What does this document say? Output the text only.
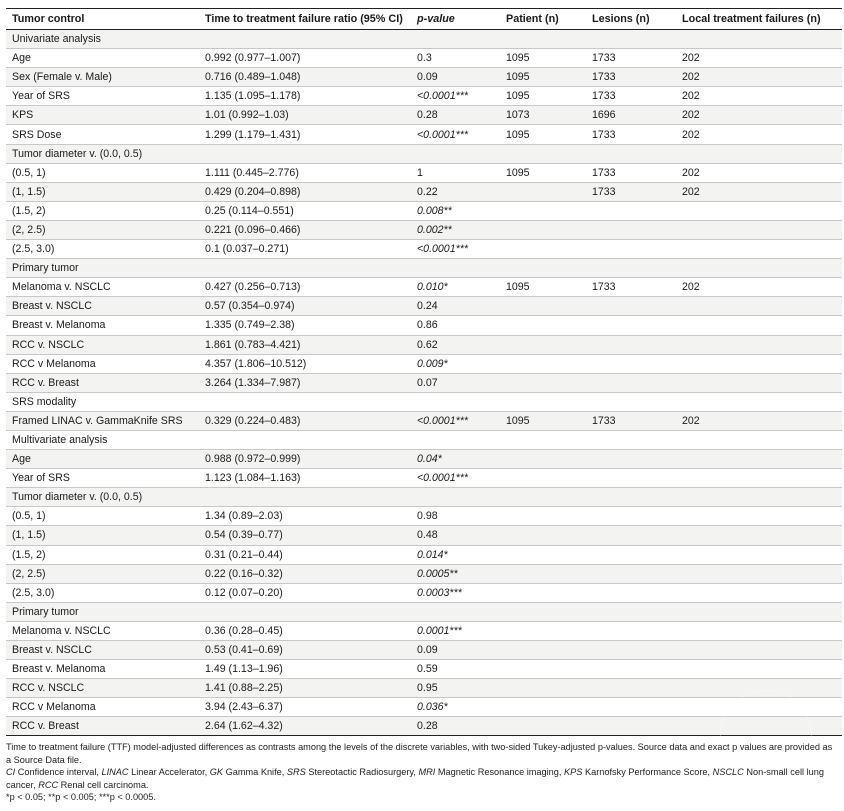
Tumor control	Time to treatment failure ratio (95% CI)	p-value	Patient (n)	Lesions (n)	Local treatment failures (n)
Univariate analysis					
Age	0.992 (0.977–1.007)	0.3	1095	1733	202
Sex (Female v. Male)	0.716 (0.489–1.048)	0.09	1095	1733	202
Year of SRS	1.135 (1.095–1.178)	<0.0001***	1095	1733	202
KPS	1.01 (0.992–1.03)	0.28	1073	1696	202
SRS Dose	1.299 (1.179–1.431)	<0.0001***	1095	1733	202
Tumor diameter v. (0.0, 0.5)					
(0.5, 1)	1.111 (0.445–2.776)	1	1095	1733	202
(1, 1.5)	0.429 (0.204–0.898)	0.22		1733	202
(1.5, 2)	0.25 (0.114–0.551)	0.008**			
(2, 2.5)	0.221 (0.096–0.466)	0.002**			
(2.5, 3.0)	0.1 (0.037–0.271)	<0.0001***			
Primary tumor					
Melanoma v. NSCLC	0.427 (0.256–0.713)	0.010*	1095	1733	202
Breast v. NSCLC	0.57 (0.354–0.974)	0.24			
Breast v. Melanoma	1.335 (0.749–2.38)	0.86			
RCC v. NSCLC	1.861 (0.783–4.421)	0.62			
RCC v Melanoma	4.357 (1.806–10.512)	0.009*			
RCC v. Breast	3.264 (1.334–7.987)	0.07			
SRS modality					
Framed LINAC v. GammaKnife SRS	0.329 (0.224–0.483)	<0.0001***	1095	1733	202
Multivariate analysis					
Age	0.988 (0.972–0.999)	0.04*			
Year of SRS	1.123 (1.084–1.163)	<0.0001***			
Tumor diameter v. (0.0, 0.5)					
(0.5, 1)	1.34 (0.89–2.03)	0.98			
(1, 1.5)	0.54 (0.39–0.77)	0.48			
(1.5, 2)	0.31 (0.21–0.44)	0.014*			
(2, 2.5)	0.22 (0.16–0.32)	0.0005**			
(2.5, 3.0)	0.12 (0.07–0.20)	0.0003***			
Primary tumor					
Melanoma v. NSCLC	0.36 (0.28–0.45)	0.0001***			
Breast v. NSCLC	0.53 (0.41–0.69)	0.09			
Breast v. Melanoma	1.49 (1.13–1.96)	0.59			
RCC v. NSCLC	1.41 (0.88–2.25)	0.95			
RCC v Melanoma	3.94 (2.43–6.37)	0.036*			
RCC v. Breast	2.64 (1.62–4.32)	0.28			

Time to treatment failure (TTF) model-adjusted differences as contrasts among the levels of the discrete variables, with two-sided Tukey-adjusted p-values. Source data and exact p values are provided as a Source Data file.

CI Confidence interval, LINAC Linear Accelerator, GK Gamma Knife, SRS Stereotactic Radiosurgery, MRI Magnetic Resonance imaging, KPS Karnofsky Performance Score, NSCLC Non-small cell lung cancer, RCC Renal cell carcinoma.

*p < 0.05; **p < 0.005; ***p < 0.0005.
